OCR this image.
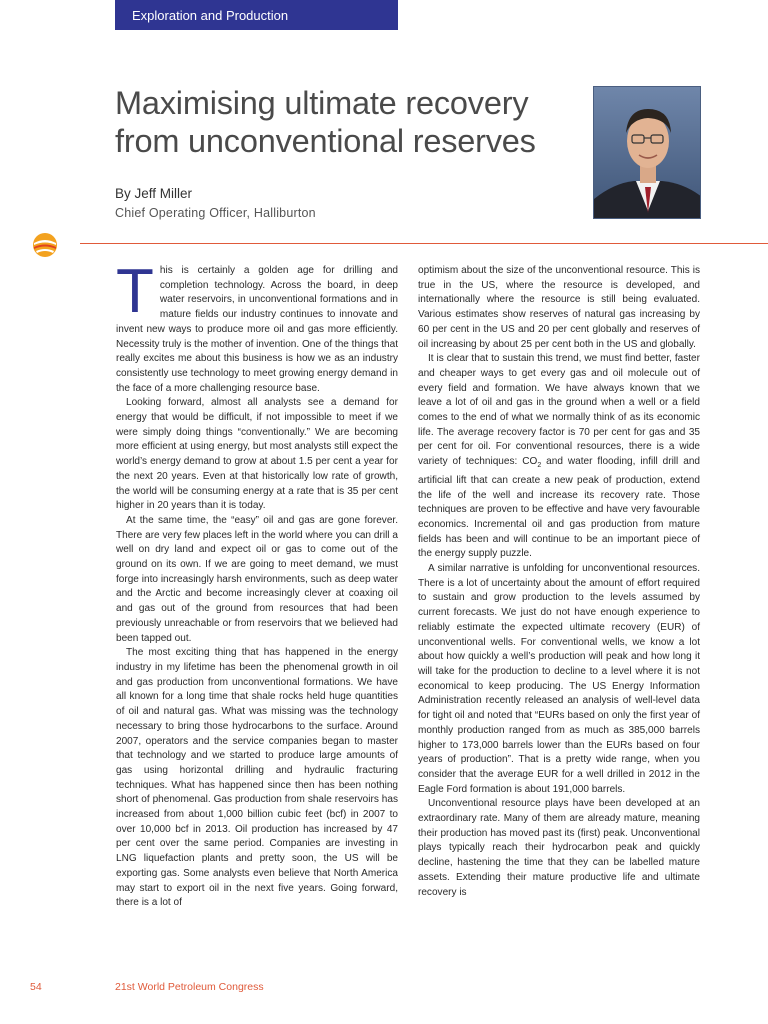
Exploration and Production
Maximising ultimate recovery
from unconventional reserves
By Jeff Miller
Chief Operating Officer, Halliburton

This is certainly a golden age for drilling and completion technology. Across the board, in deep water reservoirs, in unconventional formations and in mature fields our industry continues to innovate and invent new ways to produce more oil and gas more efficiently. Necessity truly is the mother of invention. One of the things that really excites me about this business is how we as an industry consistently use technology to meet growing energy demand in the face of a more challenging resource base.

Looking forward, almost all analysts see a demand for energy that would be difficult, if not impossible to meet if we were simply doing things “conventionally.” We are becoming more efficient at using energy, but most analysts still expect the world’s energy demand to grow at about 1.5 per cent a year for the next 20 years. Even at that historically low rate of growth, the world will be consuming energy at a rate that is 35 per cent higher in 20 years than it is today.

At the same time, the “easy” oil and gas are gone forever. There are very few places left in the world where you can drill a well on dry land and expect oil or gas to come out of the ground on its own. If we are going to meet demand, we must forge into increasingly harsh environments, such as deep water and the Arctic and become increasingly clever at coaxing oil and gas out of the ground from resources that had been previously unreachable or from reservoirs that we believed had been tapped out.

The most exciting thing that has happened in the energy industry in my lifetime has been the phenomenal growth in oil and gas production from unconventional formations. We have all known for a long time that shale rocks held huge quantities of oil and natural gas. What was missing was the technology necessary to bring those hydrocarbons to the surface. Around 2007, operators and the service companies began to master that technology and we started to produce large amounts of gas using horizontal drilling and hydraulic fracturing techniques. What has happened since then has been nothing short of phenomenal. Gas production from shale reservoirs has increased from about 1,000 billion cubic feet (bcf) in 2007 to over 10,000 bcf in 2013. Oil production has increased by 47 per cent over the same period. Companies are investing in LNG liquefaction plants and pretty soon, the US will be exporting gas. Some analysts even believe that North America may start to export oil in the next five years. Going forward, there is a lot of

optimism about the size of the unconventional resource. This is true in the US, where the resource is developed, and internationally where the resource is still being evaluated. Various estimates show reserves of natural gas increasing by 60 per cent in the US and 20 per cent globally and reserves of oil increasing by about 25 per cent both in the US and globally.

It is clear that to sustain this trend, we must find better, faster and cheaper ways to get every gas and oil molecule out of every field and formation. We have always known that we leave a lot of oil and gas in the ground when a well or a field comes to the end of what we normally think of as its economic life. The average recovery factor is 70 per cent for gas and 35 per cent for oil. For conventional resources, there is a wide variety of techniques: $CO_2$ and water flooding, infill drill and artificial lift that can create a new peak of production, extend the life of the well and increase its recovery rate. Those techniques are proven to be effective and have very favourable economics. Incremental oil and gas production from mature fields has been and will continue to be an important piece of the energy supply puzzle.

A similar narrative is unfolding for unconventional resources. There is a lot of uncertainty about the amount of effort required to sustain and grow production to the levels assumed by current forecasts. We just do not have enough experience to reliably estimate the expected ultimate recovery (EUR) of unconventional wells. For conventional wells, we know a lot about how quickly a well’s production will peak and how long it will take for the production to decline to a level where it is not economical to keep producing. The US Energy Information Administration recently released an analysis of well-level data for tight oil and noted that “EURs based on only the first year of monthly production ranged from as much as 385,000 barrels higher to 173,000 barrels lower than the EURs based on four years of production”. That is a pretty wide range, when you consider that the average EUR for a well drilled in 2012 in the Eagle Ford formation is about 191,000 barrels.

Unconventional resource plays have been developed at an extraordinary rate. Many of them are already mature, meaning their production has moved past its (first) peak. Unconventional plays typically reach their hydrocarbon peak and quickly decline, hastening the time that they can be labelled mature assets. Extending their mature productive life and ultimate recovery is

54	21st World Petroleum Congress
